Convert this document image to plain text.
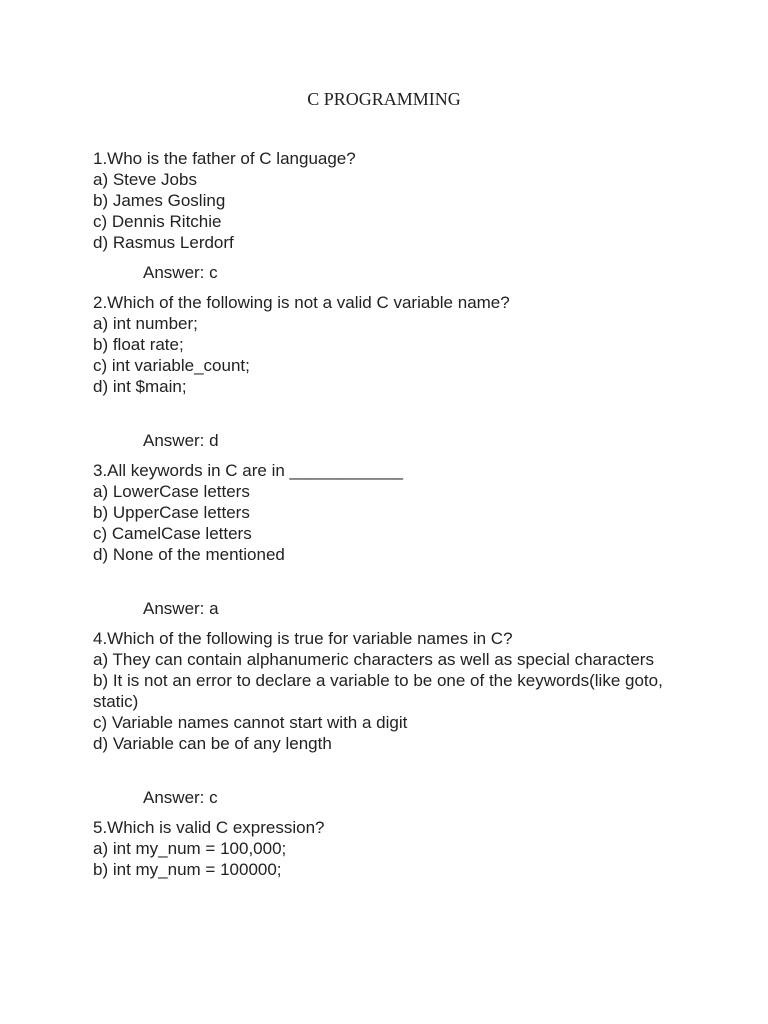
C PROGRAMMING
1.Who is the father of C language?
a) Steve Jobs
b) James Gosling
c) Dennis Ritchie
d) Rasmus Lerdorf
Answer: c
2.Which of the following is not a valid C variable name?
a) int number;
b) float rate;
c) int variable_count;
d) int $main;
Answer: d
3.All keywords in C are in ____________
a) LowerCase letters
b) UpperCase letters
c) CamelCase letters
d) None of the mentioned
Answer: a
4.Which of the following is true for variable names in C?
a) They can contain alphanumeric characters as well as special characters
b) It is not an error to declare a variable to be one of the keywords(like goto, static)
c) Variable names cannot start with a digit
d) Variable can be of any length
Answer: c
5.Which is valid C expression?
a) int my_num = 100,000;
b) int my_num = 100000;
